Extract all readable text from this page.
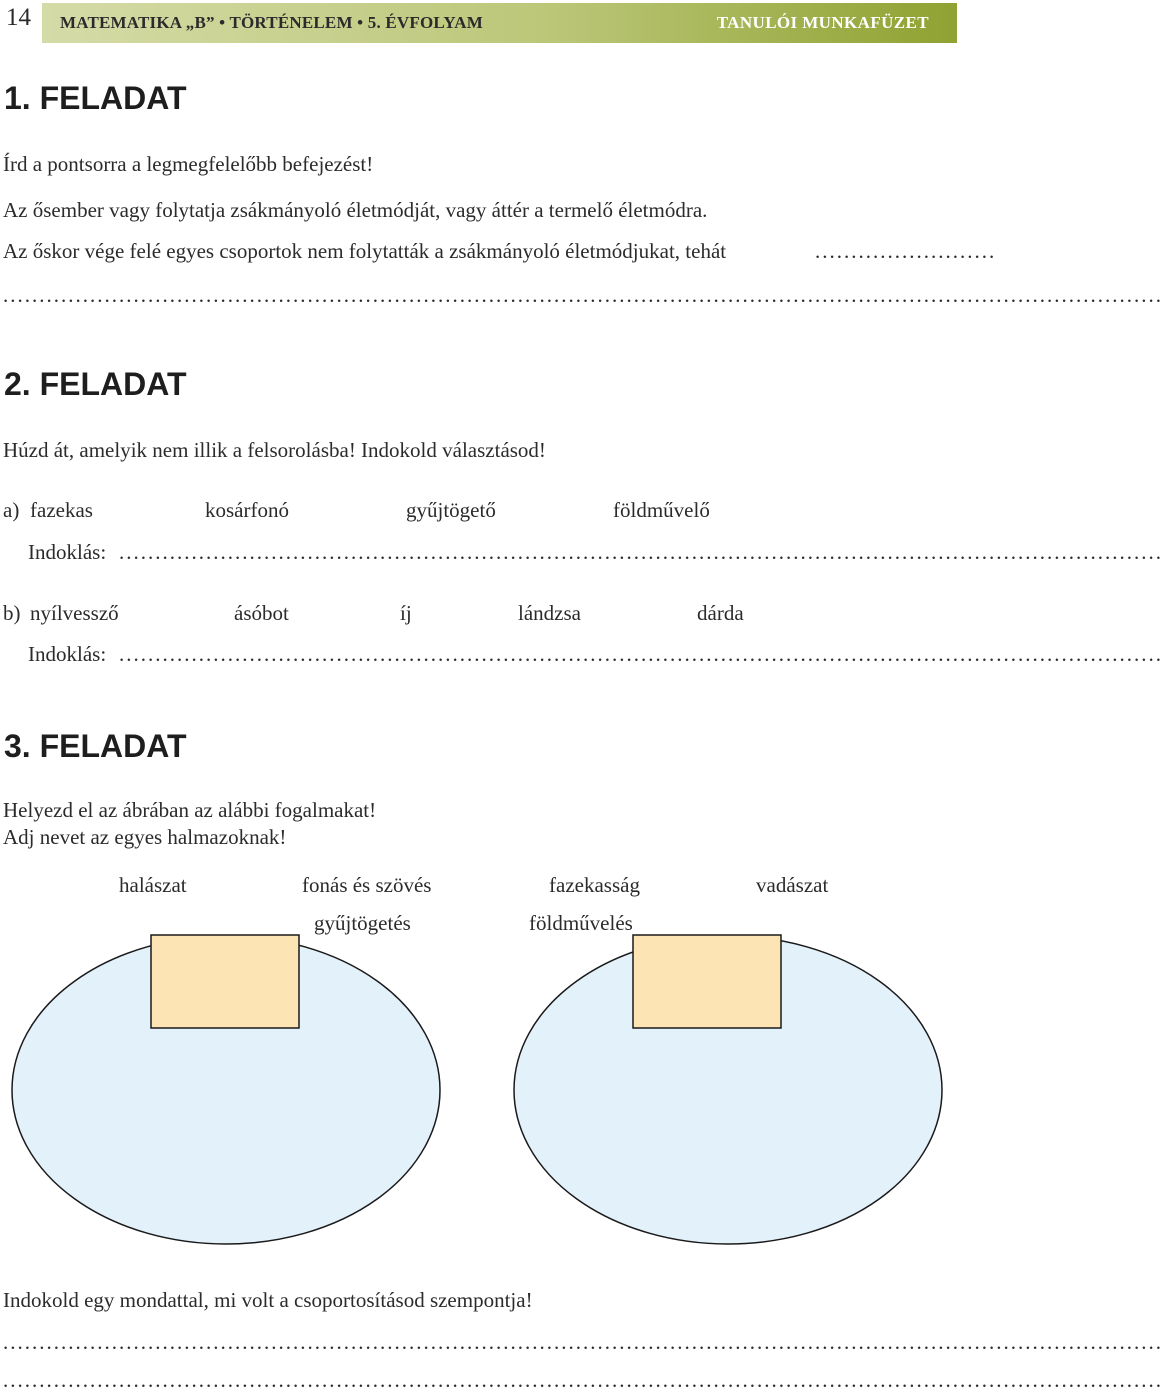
14 MATEMATIKA „B” • TÖRTÉNELEM • 5. ÉVFOLYAM	TANULÓI MUNKAFÜZET
1. FELADAT
Írd a pontsorra a legmegfelelőbb befejezést!
Az ősember vagy folytatja zsákmányoló életmódját, vagy áttér a termelő életmódra.
Az őskor vége felé egyes csoportok nem folytatták a zsákmányoló életmódjukat, tehát	.........................
................................................................................................................................................................
2. FELADAT
Húzd át, amelyik nem illik a felsorolásba! Indokold választásod!
a) fazekas	kosárfonó	gyűjtögető	földművelő
Indoklás: ................................................................................................................................................
b) nyílvessző	ásóbot	íj	lándzsa	dárda
Indoklás: ................................................................................................................................................
3. FELADAT
Helyezd el az ábrában az alábbi fogalmakat!
Adj nevet az egyes halmazoknak!
halászat	fonás és szövés	fazekasság	vadászat
gyűjtögetés	földművelés
Indokold egy mondattal, mi volt a csoportosításod szempontja!
................................................................................................................................................................
................................................................................................................................................................
